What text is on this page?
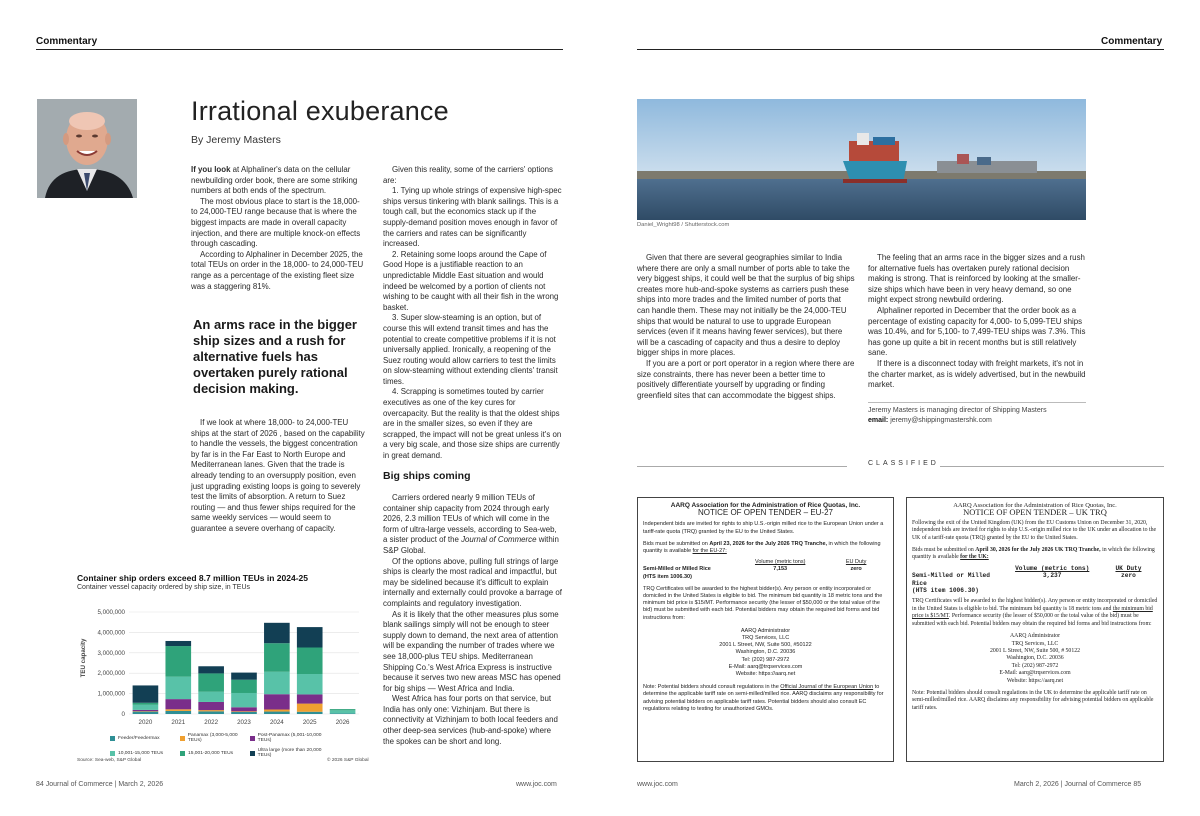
Commentary
Irrational exuberance
By Jeremy Masters

If you look at Alphaliner's data on the cellular newbuilding order book, there are some striking numbers at both ends of the spectrum.

The most obvious place to start is the 18,000- to 24,000-TEU range because that is where the biggest impacts are made in overall capacity injection, and there are multiple knock-on effects through cascading.

According to Alphaliner in December 2025, the total TEUs on order in the 18,000- to 24,000-TEU range as a percentage of the existing fleet size was a staggering 81%.

An arms race in the bigger ship sizes and a rush for alternative fuels has overtaken purely rational decision making.

If we look at where 18,000- to 24,000-TEU ships at the start of 2026 , based on the capability to handle the vessels, the biggest concentration by far is in the Far East to North Europe and Mediterranean lanes. Given that the trade is already tending to an oversupply position, even just upgrading existing loops is going to severely test the limits of absorption. A return to Suez routing — and thus fewer ships required for the same weekly services — would seem to guarantee a severe overhang of capacity.

Given this reality, some of the carriers' options are:

1. Tying up whole strings of expensive high-spec ships versus tinkering with blank sailings. This is a tough call, but the economics stack up if the supply-demand position moves enough in favor of the carriers and rates can be significantly increased.

2. Retaining some loops around the Cape of Good Hope is a justifiable reaction to an unpredictable Middle East situation and would indeed be welcomed by a portion of clients not wishing to be caught with all their fish in the wrong basket.

3. Super slow-steaming is an option, but of course this will extend transit times and has the potential to create competitive problems if it is not universally applied. Ironically, a reopening of the Suez routing would allow carriers to test the limits on slow-steaming without extending clients' transit times.

4. Scrapping is sometimes touted by carrier executives as one of the key cures for overcapacity. But the reality is that the oldest ships are in the smaller sizes, so even if they are scrapped, the impact will not be great unless it's on a very big scale, and those size ships are currently in great demand.

Big ships coming

Carriers ordered nearly 9 million TEUs of container ship capacity from 2024 through early 2026, 2.3 million TEUs of which will come in the form of ultra-large vessels, according to Sea-web, a sister product of the Journal of Commerce within S&P Global.

Of the options above, pulling full strings of large ships is clearly the most radical and impactful, but may be sidelined because it's difficult to explain internally and externally could provoke a barrage of complaints and regulatory investigation.

As it is likely that the other measures plus some blank sailings simply will not be enough to steer supply down to demand, the next area of attention will be expanding the number of trades where we see 18,000-plus TEU ships. Mediterranean Shipping Co.'s West Africa Express is instructive because it serves two new areas MSC has opened for big ships — West Africa and India.

West Africa has four ports on that service, but India has only one: Vizhinjam. But there is connectivity at Vizhinjam to both local feeders and other deep-sea services (hub-and-spoke) where the spokes can be short and long.

Container ship orders exceed 8.7 million TEUs in 2024-25
Container vessel capacity ordered by ship size, in TEUs
5,000,000
4,000,000
3,000,000
2,000,000
1,000,000
0
2020	2021	2022	2023	2024	2025	2026
TEU capacity
Feeder/Feedermax	Panamax (3,000-5,000 TEUs)
Post-Panamax (5,001-10,000 TEUs)
10,001-15,000 TEUs	15,001-20,000 TEUs	Ultra large (more than 20,000 TEUs)
Source: Sea-web, S&P Global	© 2026 S&P Global
84 Journal of Commerce | March 2, 2026	www.joc.com
Commentary
Daniel_Wright98 / Shutterstock.com

Given that there are several geographies similar to India where there are only a small number of ports able to take the very biggest ships, it could well be that the surplus of big ships creates more hub-and-spoke systems as carriers push these ships into more trades and the limited number of ports that can handle them. These may not initially be the 24,000-TEU ships that would be natural to use to upgrade European services (even if it means having fewer services), but there will be a cascading of capacity and thus a desire to deploy bigger ships in more places.

If you are a port or port operator in a region where there are size constraints, there has never been a better time to positively differentiate yourself by upgrading or finding greenfield sites that can accommodate the biggest ships.

The feeling that an arms race in the bigger sizes and a rush for alternative fuels has overtaken purely rational decision making is strong. That is reinforced by looking at the smaller-size ships which have been in very heavy demand, so one might expect strong newbuild ordering.

Alphaliner reported in December that the order book as a percentage of existing capacity for 4,000- to 5,099-TEU ships was 10.4%, and for 5,100- to 7,499-TEU ships was 7.3%. This has gone up quite a bit in recent months but is still relatively sane.

If there is a disconnect today with freight markets, it's not in the charter market, as is widely advertised, but in the newbuild market.

Jeremy Masters is managing director of Shipping Masters
email: jeremy@shippingmastershk.com
CLASSIFIED
AARQ Association for the Administration of Rice Quotas, Inc.
NOTICE OF OPEN TENDER – EU-27
Independent bids are invited for rights to ship U.S.-origin milled rice to the European Union under a tariff-rate quota (TRQ) granted by the EU to the United States.
Bids must be submitted on April 23, 2026 for the July 2026 TRQ Tranche, in which the following quantity is available for the EU-27:
	Volume (metric tons)	EU Duty
Semi-Milled or Milled Rice	7,153	zero
(HTS item 1006.30)		
TRQ Certificates will be awarded to the highest bidder(s). Any person or entity incorporated or domiciled in the United States is eligible to bid. The minimum bid quantity is 18 metric tons and the minimum bid price is $15/MT. Performance security (the lesser of $50,000 or the total value of the bid) must be submitted with each bid. Potential bidders may obtain the required bid forms and bid instructions from:
AARQ Administrator
TRQ Services, LLC
2001 L Street, NW, Suite 500, #50122
Washington, D.C. 20036
Tel: (202) 987-2972
E-Mail: aarq@trqservices.com
Website: https://aarq.net
Note: Potential bidders should consult regulations in the Official Journal of the European Union to determine the applicable tariff rate on semi-milled/milled rice. AARQ disclaims any responsibility for advising potential bidders on applicable tariff rates. Potential bidders should also consult EC regulations relating to testing for unauthorized GMOs.
AARQ Association for the Administration of Rice Quotas, Inc.
NOTICE OF OPEN TENDER – UK TRQ
Following the exit of the United Kingdom (UK) from the EU Customs Union on December 31, 2020, independent bids are invited for rights to ship U.S.-origin milled rice to the UK under an allocation to the UK of a tariff-rate quota (TRQ) granted by the EU to the United States.
Bids must be submitted on April 30, 2026 for the July 2026 UK TRQ Tranche, in which the following quantity is available for the UK:
	Volume (metric tons)	UK Duty
Semi-Milled or Milled Rice	3,237	zero
(HTS item 1006.30)		
TRQ Certificates will be awarded to the highest bidder(s). Any person or entity incorporated or domiciled in the United States is eligible to bid. The minimum bid quantity is 18 metric tons and the minimum bid price is $15/MT. Performance security (the lesser of $50,000 or the total value of the bid) must be submitted with each bid. Potential bidders may obtain the required bid forms and bid instructions from:
AARQ Administrator
TRQ Services, LLC
2001 L Street, NW, Suite 500, # 50122
Washington, D.C. 20036
Tel: (202) 987-2972
E-Mail: aarq@trqservices.com
Website: https://aarq.net
Note: Potential bidders should consult regulations in the UK to determine the applicable tariff rate on semi-milled/milled rice. AARQ disclaims any responsibility for advising potential bidders on applicable tariff rates.
www.joc.com	March 2, 2026 | Journal of Commerce 85
